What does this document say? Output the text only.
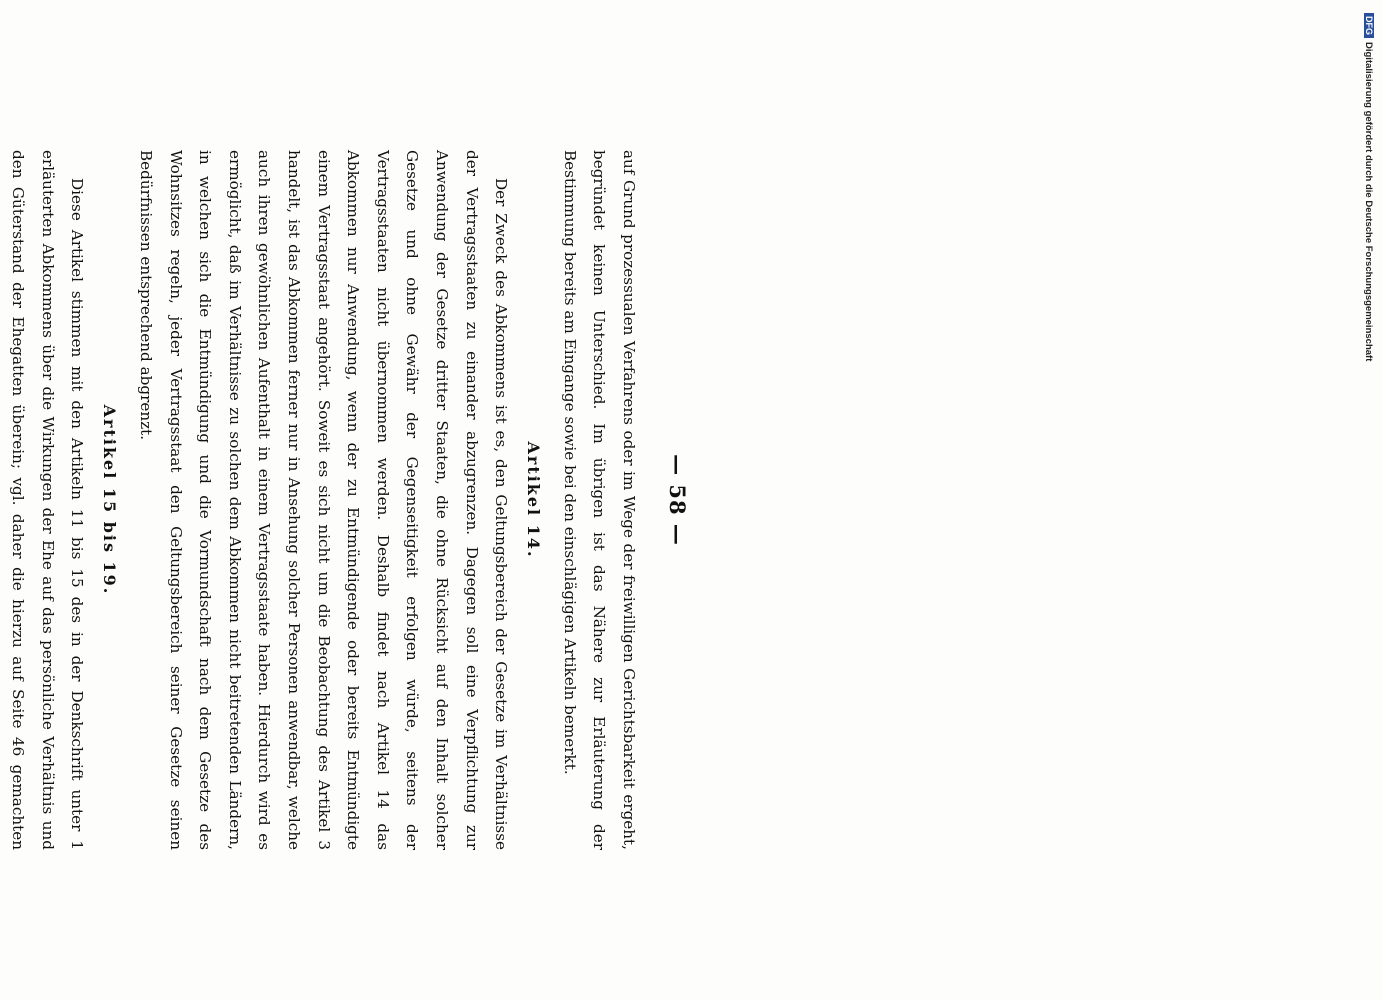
— 58 —

auf Grund prozessualen Verfahrens oder im Wege der freiwilligen Gerichtsbarkeit ergeht, begründet keinen Unterschied. Im übrigen ist das Nähere zur Erläuterung der Bestimmung bereits am Eingange sowie bei den einschlägigen Artikeln bemerkt.

Artikel 14.

Der Zweck des Abkommens ist es, den Geltungsbereich der Gesetze im Verhältnisse der Vertragsstaaten zu einander abzugrenzen. Dagegen soll eine Verpflichtung zur Anwendung der Gesetze dritter Staaten, die ohne Rücksicht auf den Inhalt solcher Gesetze und ohne Gewähr der Gegenseitigkeit erfolgen würde, seitens der Vertragsstaaten nicht übernommen werden. Deshalb findet nach Artikel 14 das Abkommen nur Anwendung, wenn der zu Entmündigende oder bereits Entmündigte einem Vertragsstaat angehört. Soweit es sich nicht um die Beobachtung des Artikel 3 handelt, ist das Abkommen ferner nur in Ansehung solcher Personen anwendbar, welche auch ihren gewöhnlichen Aufenthalt in einem Vertragsstaate haben. Hierdurch wird es ermöglicht, daß im Verhältnisse zu solchen dem Abkommen nicht beitretenden Ländern, in welchen sich die Entmündigung und die Vormundschaft nach dem Gesetze des Wohnsitzes regeln, jeder Vertragsstaat den Geltungsbereich seiner Gesetze seinen Bedürfnissen entsprechend abgrenzt.

Artikel 15 bis 19.

Diese Artikel stimmen mit den Artikeln 11 bis 15 des in der Denkschrift unter 1 erläuterten Abkommens über die Wirkungen der Ehe auf das persönliche Verhältnis und den Güterstand der Ehegatten überein; vgl. daher die hierzu auf Seite 46 gemachten

DFGDigitalisierung gefördert durch die Deutsche Forschungsgemeinschaft
